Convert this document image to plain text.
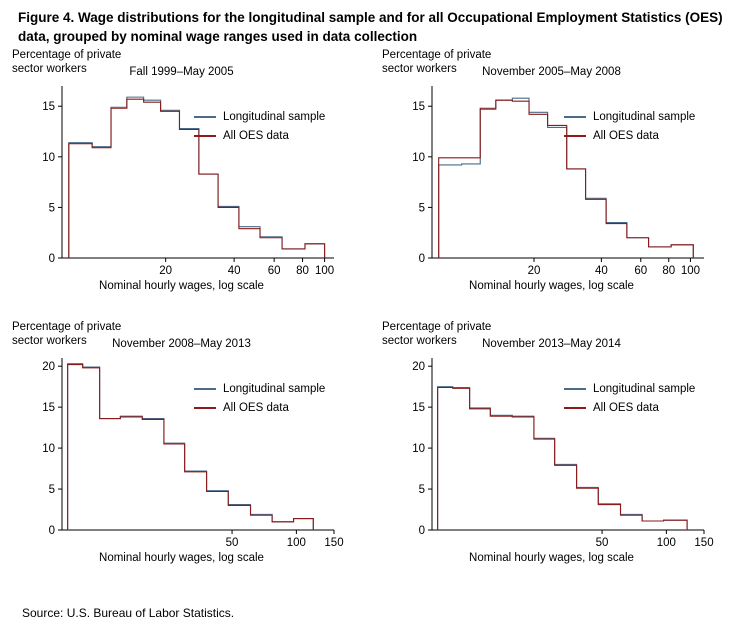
Figure 4. Wage distributions for the longitudinal sample and for all Occupational Employment Statistics (OES) data, grouped by nominal wage ranges used in data collection
Percentage of private sector workers	Fall 1999–May 2005
0
5
10
15
20	40 60 80 100
Nominal hourly wages, log scale
Longitudinal sample
All OES data
Percentage of private sector workers	November 2005–May 2008
0
5
10
15
20	40 60 80 100
Nominal hourly wages, log scale
Longitudinal sample
All OES data
Percentage of private sector workers	November 2008–May 2013
0
5
10
15
20
50	100 150
Nominal hourly wages, log scale
Longitudinal sample
All OES data
Percentage of private sector workers	November 2013–May 2014
0
5
10
15
20
50	100 150
Nominal hourly wages, log scale
Longitudinal sample
All OES data
Source: U.S. Bureau of Labor Statistics.
